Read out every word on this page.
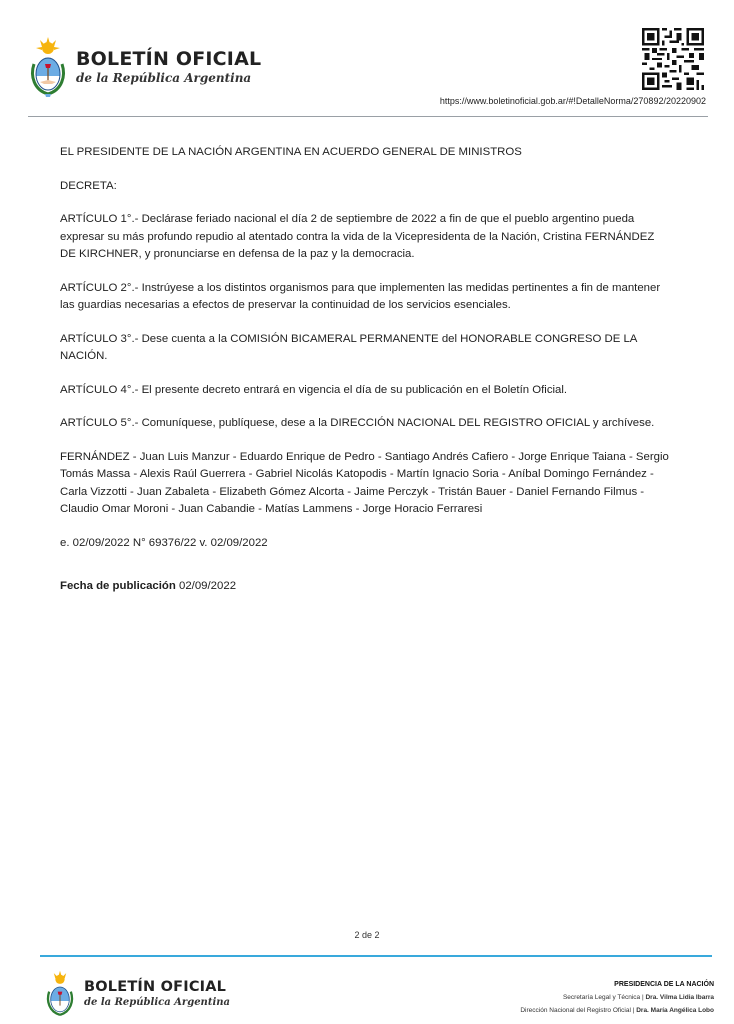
BOLETÍN OFICIAL
de la República Argentina
https://www.boletinoficial.gob.ar/#!DetalleNorma/270892/20220902

EL PRESIDENTE DE LA NACIÓN ARGENTINA EN ACUERDO GENERAL DE MINISTROS

DECRETA:

ARTÍCULO 1°.- Declárase feriado nacional el día 2 de septiembre de 2022 a fin de que el pueblo argentino pueda expresar su más profundo repudio al atentado contra la vida de la Vicepresidenta de la Nación, Cristina FERNÁNDEZ DE KIRCHNER, y pronunciarse en defensa de la paz y la democracia.

ARTÍCULO 2°.- Instrúyese a los distintos organismos para que implementen las medidas pertinentes a fin de mantener las guardias necesarias a efectos de preservar la continuidad de los servicios esenciales.

ARTÍCULO 3°.- Dese cuenta a la COMISIÓN BICAMERAL PERMANENTE del HONORABLE CONGRESO DE LA NACIÓN.

ARTÍCULO 4°.- El presente decreto entrará en vigencia el día de su publicación en el Boletín Oficial.

ARTÍCULO 5°.- Comuníquese, publíquese, dese a la DIRECCIÓN NACIONAL DEL REGISTRO OFICIAL y archívese.

FERNÁNDEZ - Juan Luis Manzur - Eduardo Enrique de Pedro - Santiago Andrés Cafiero - Jorge Enrique Taiana - Sergio Tomás Massa - Alexis Raúl Guerrera - Gabriel Nicolás Katopodis - Martín Ignacio Soria - Aníbal Domingo Fernández - Carla Vizzotti - Juan Zabaleta - Elizabeth Gómez Alcorta - Jaime Perczyk - Tristán Bauer - Daniel Fernando Filmus - Claudio Omar Moroni - Juan Cabandie - Matías Lammens - Jorge Horacio Ferraresi

e. 02/09/2022 N° 69376/22 v. 02/09/2022

Fecha de publicación 02/09/2022

2 de 2
BOLETÍN OFICIAL
de la República Argentina
PRESIDENCIA DE LA NACIÓN
Secretaría Legal y Técnica | Dra. Vilma Lidia Ibarra
Dirección Nacional del Registro Oficial | Dra. María Angélica Lobo
